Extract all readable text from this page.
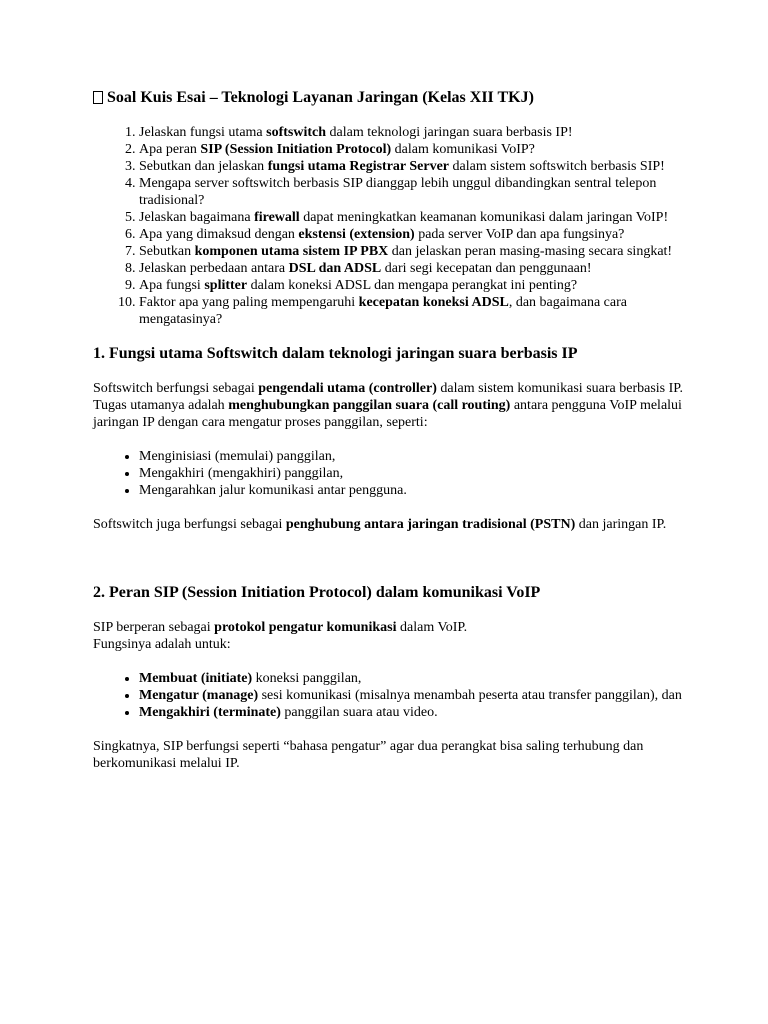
Soal Kuis Esai – Teknologi Layanan Jaringan (Kelas XII TKJ)
1. Jelaskan fungsi utama softswitch dalam teknologi jaringan suara berbasis IP!
2. Apa peran SIP (Session Initiation Protocol) dalam komunikasi VoIP?
3. Sebutkan dan jelaskan fungsi utama Registrar Server dalam sistem softswitch berbasis SIP!
4. Mengapa server softswitch berbasis SIP dianggap lebih unggul dibandingkan sentral telepon tradisional?
5. Jelaskan bagaimana firewall dapat meningkatkan keamanan komunikasi dalam jaringan VoIP!
6. Apa yang dimaksud dengan ekstensi (extension) pada server VoIP dan apa fungsinya?
7. Sebutkan komponen utama sistem IP PBX dan jelaskan peran masing-masing secara singkat!
8. Jelaskan perbedaan antara DSL dan ADSL dari segi kecepatan dan penggunaan!
9. Apa fungsi splitter dalam koneksi ADSL dan mengapa perangkat ini penting?
10. Faktor apa yang paling mempengaruhi kecepatan koneksi ADSL, dan bagaimana cara mengatasinya?
1. Fungsi utama Softswitch dalam teknologi jaringan suara berbasis IP

Softswitch berfungsi sebagai pengendali utama (controller) dalam sistem komunikasi suara berbasis IP.

Tugas utamanya adalah menghubungkan panggilan suara (call routing) antara pengguna VoIP melalui jaringan IP dengan cara mengatur proses panggilan, seperti:

• Menginisiasi (memulai) panggilan,
• Mengakhiri (mengakhiri) panggilan,
• Mengarahkan jalur komunikasi antar pengguna.

Softswitch juga berfungsi sebagai penghubung antara jaringan tradisional (PSTN) dan jaringan IP.

2. Peran SIP (Session Initiation Protocol) dalam komunikasi VoIP

SIP berperan sebagai protokol pengatur komunikasi dalam VoIP.

Fungsinya adalah untuk:

• Membuat (initiate) koneksi panggilan,
• Mengatur (manage) sesi komunikasi (misalnya menambah peserta atau transfer panggilan), dan
• Mengakhiri (terminate) panggilan suara atau video.

Singkatnya, SIP berfungsi seperti “bahasa pengatur” agar dua perangkat bisa saling terhubung dan berkomunikasi melalui IP.
